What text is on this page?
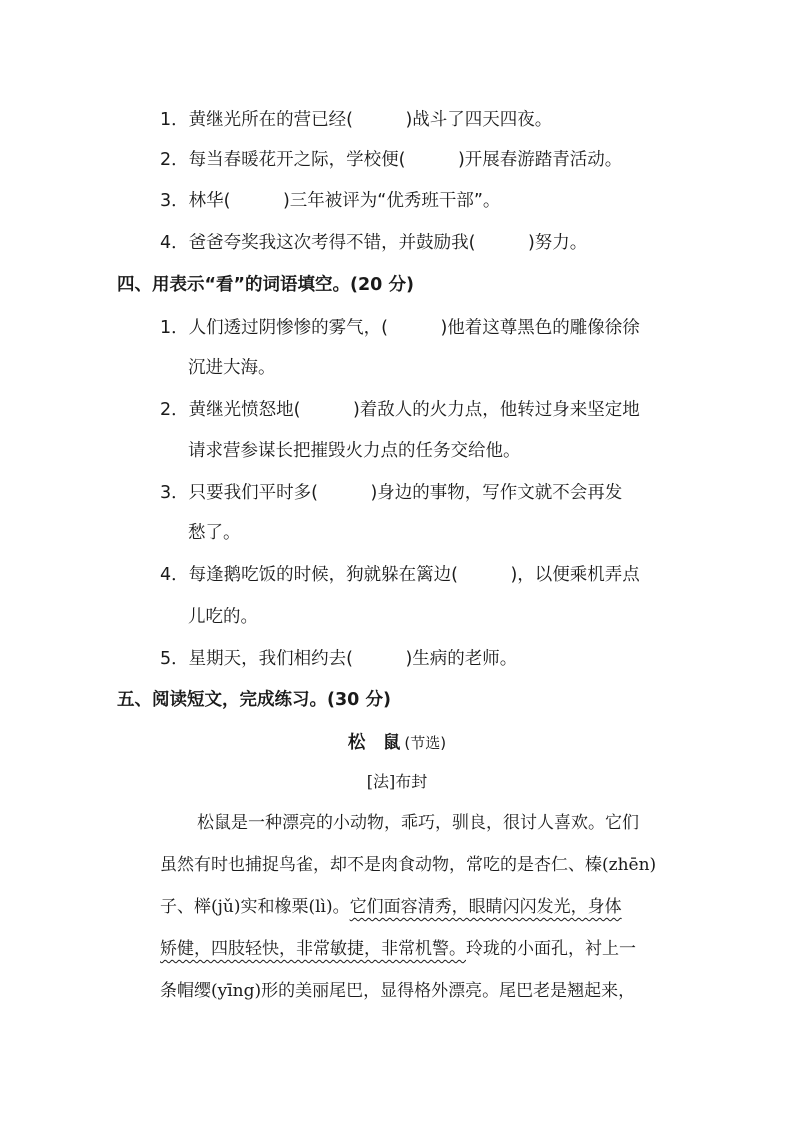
1．黄继光所在的营已经(　　　)战斗了四天四夜。
2．每当春暖花开之际，学校便(　　　)开展春游踏青活动。
3．林华(　　　)三年被评为“优秀班干部”。
4．爸爸夸奖我这次考得不错，并鼓励我(　　　)努力。
四、用表示“看”的词语填空。(20 分)
1．人们透过阴惨惨的雾气，(　　　)他着这尊黑色的雕像徐徐
沉进大海。
2．黄继光愤怒地(　　　)着敌人的火力点，他转过身来坚定地
请求营参谋长把摧毁火力点的任务交给他。
3．只要我们平时多(　　　)身边的事物，写作文就不会再发
愁了。
4．每逢鹅吃饭的时候，狗就躲在篱边(　　　)，以便乘机弄点
儿吃的。
5．星期天，我们相约去(　　　)生病的老师。
五、阅读短文，完成练习。(30 分)
松　鼠 (节选)
[法]布封
松鼠是一种漂亮的小动物，乖巧，驯良，很讨人喜欢。它们
虽然有时也捕捉鸟雀，却不是肉食动物，常吃的是杏仁、榛(zhēn)
子、榉(jǔ)实和橡栗(lì)。它们面容清秀，眼睛闪闪发光，身体
矫健，四肢轻快，非常敏捷，非常机警。玲珑的小面孔，衬上一
条帽缨(yīng)形的美丽尾巴，显得格外漂亮。尾巴老是翘起来，
